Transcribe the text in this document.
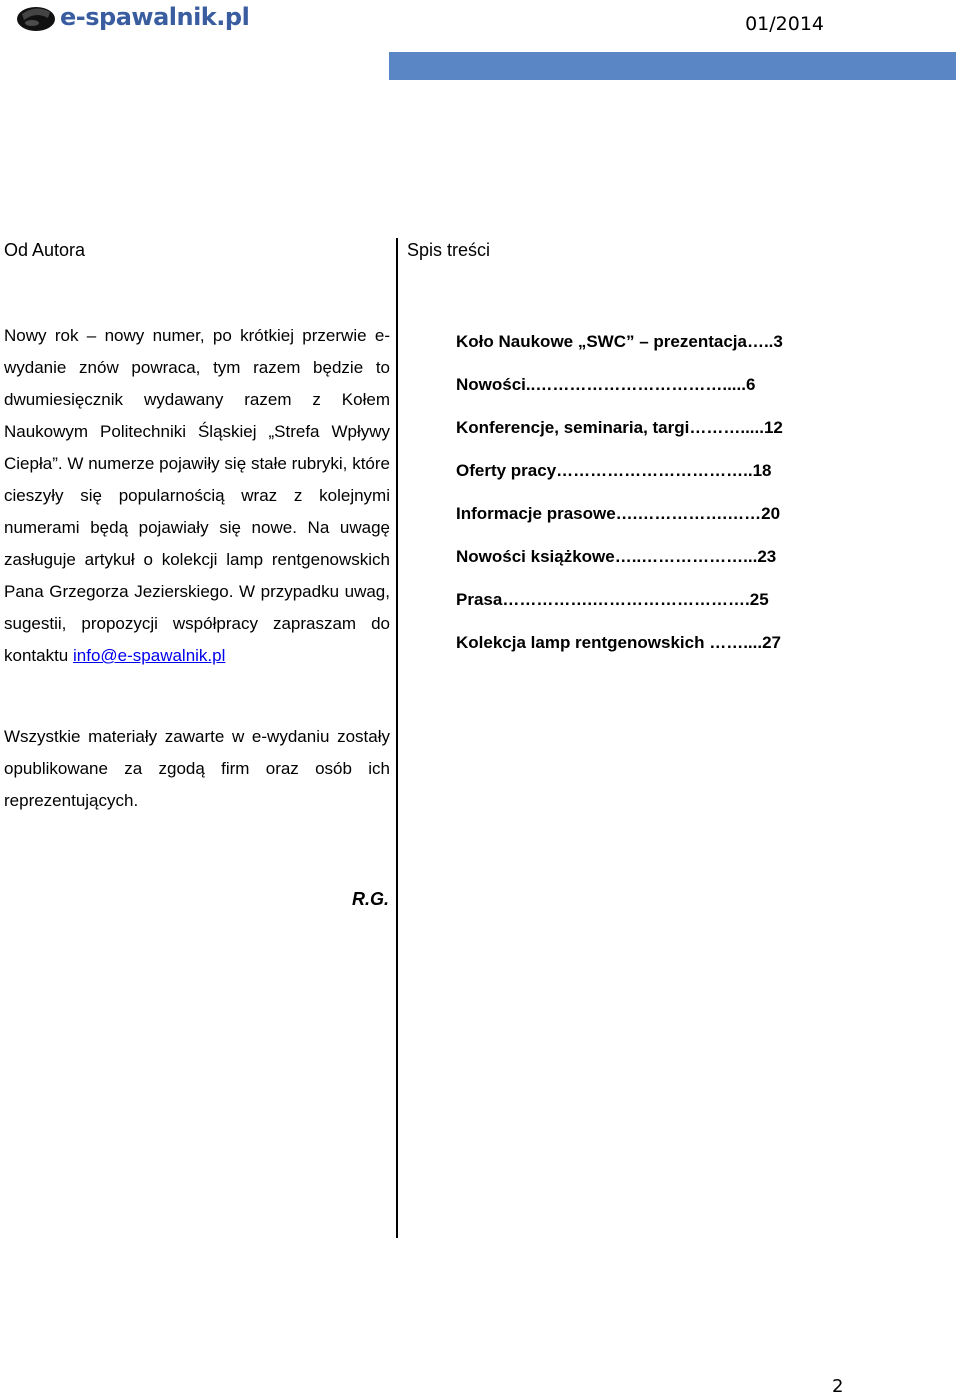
e-spawalnik.pl	01/2014
Od Autora	Spis treści

Nowy rok – nowy numer, po krótkiej przerwie e-wydanie znów powraca, tym razem będzie to dwumiesięcznik wydawany razem z Kołem Naukowym Politechniki Śląskiej „Strefa Wpływy Ciepła”. W numerze pojawiły się stałe rubryki, które cieszyły się popularnością wraz z kolejnymi numerami będą pojawiały się nowe. Na uwagę zasługuje artykuł o kolekcji lamp rentgenowskich Pana Grzegorza Jezierskiego. W przypadku uwag, sugestii, propozycji współpracy zapraszam do kontaktu info@e-spawalnik.pl

Wszystkie materiały zawarte w e-wydaniu zostały opublikowane za zgodą firm oraz osób ich reprezentujących.

Koło Naukowe „SWC” – prezentacja…..3
Nowości..…………………………….....6
Konferencje, seminaria, targi……….....12
Oferty pracy……………………………..18
Informacje prasowe….…………….……20
Nowości książkowe…..………………...23
Prasa…………….……………………….25
Kolekcja lamp rentgenowskich ……....27
R.G.
2
